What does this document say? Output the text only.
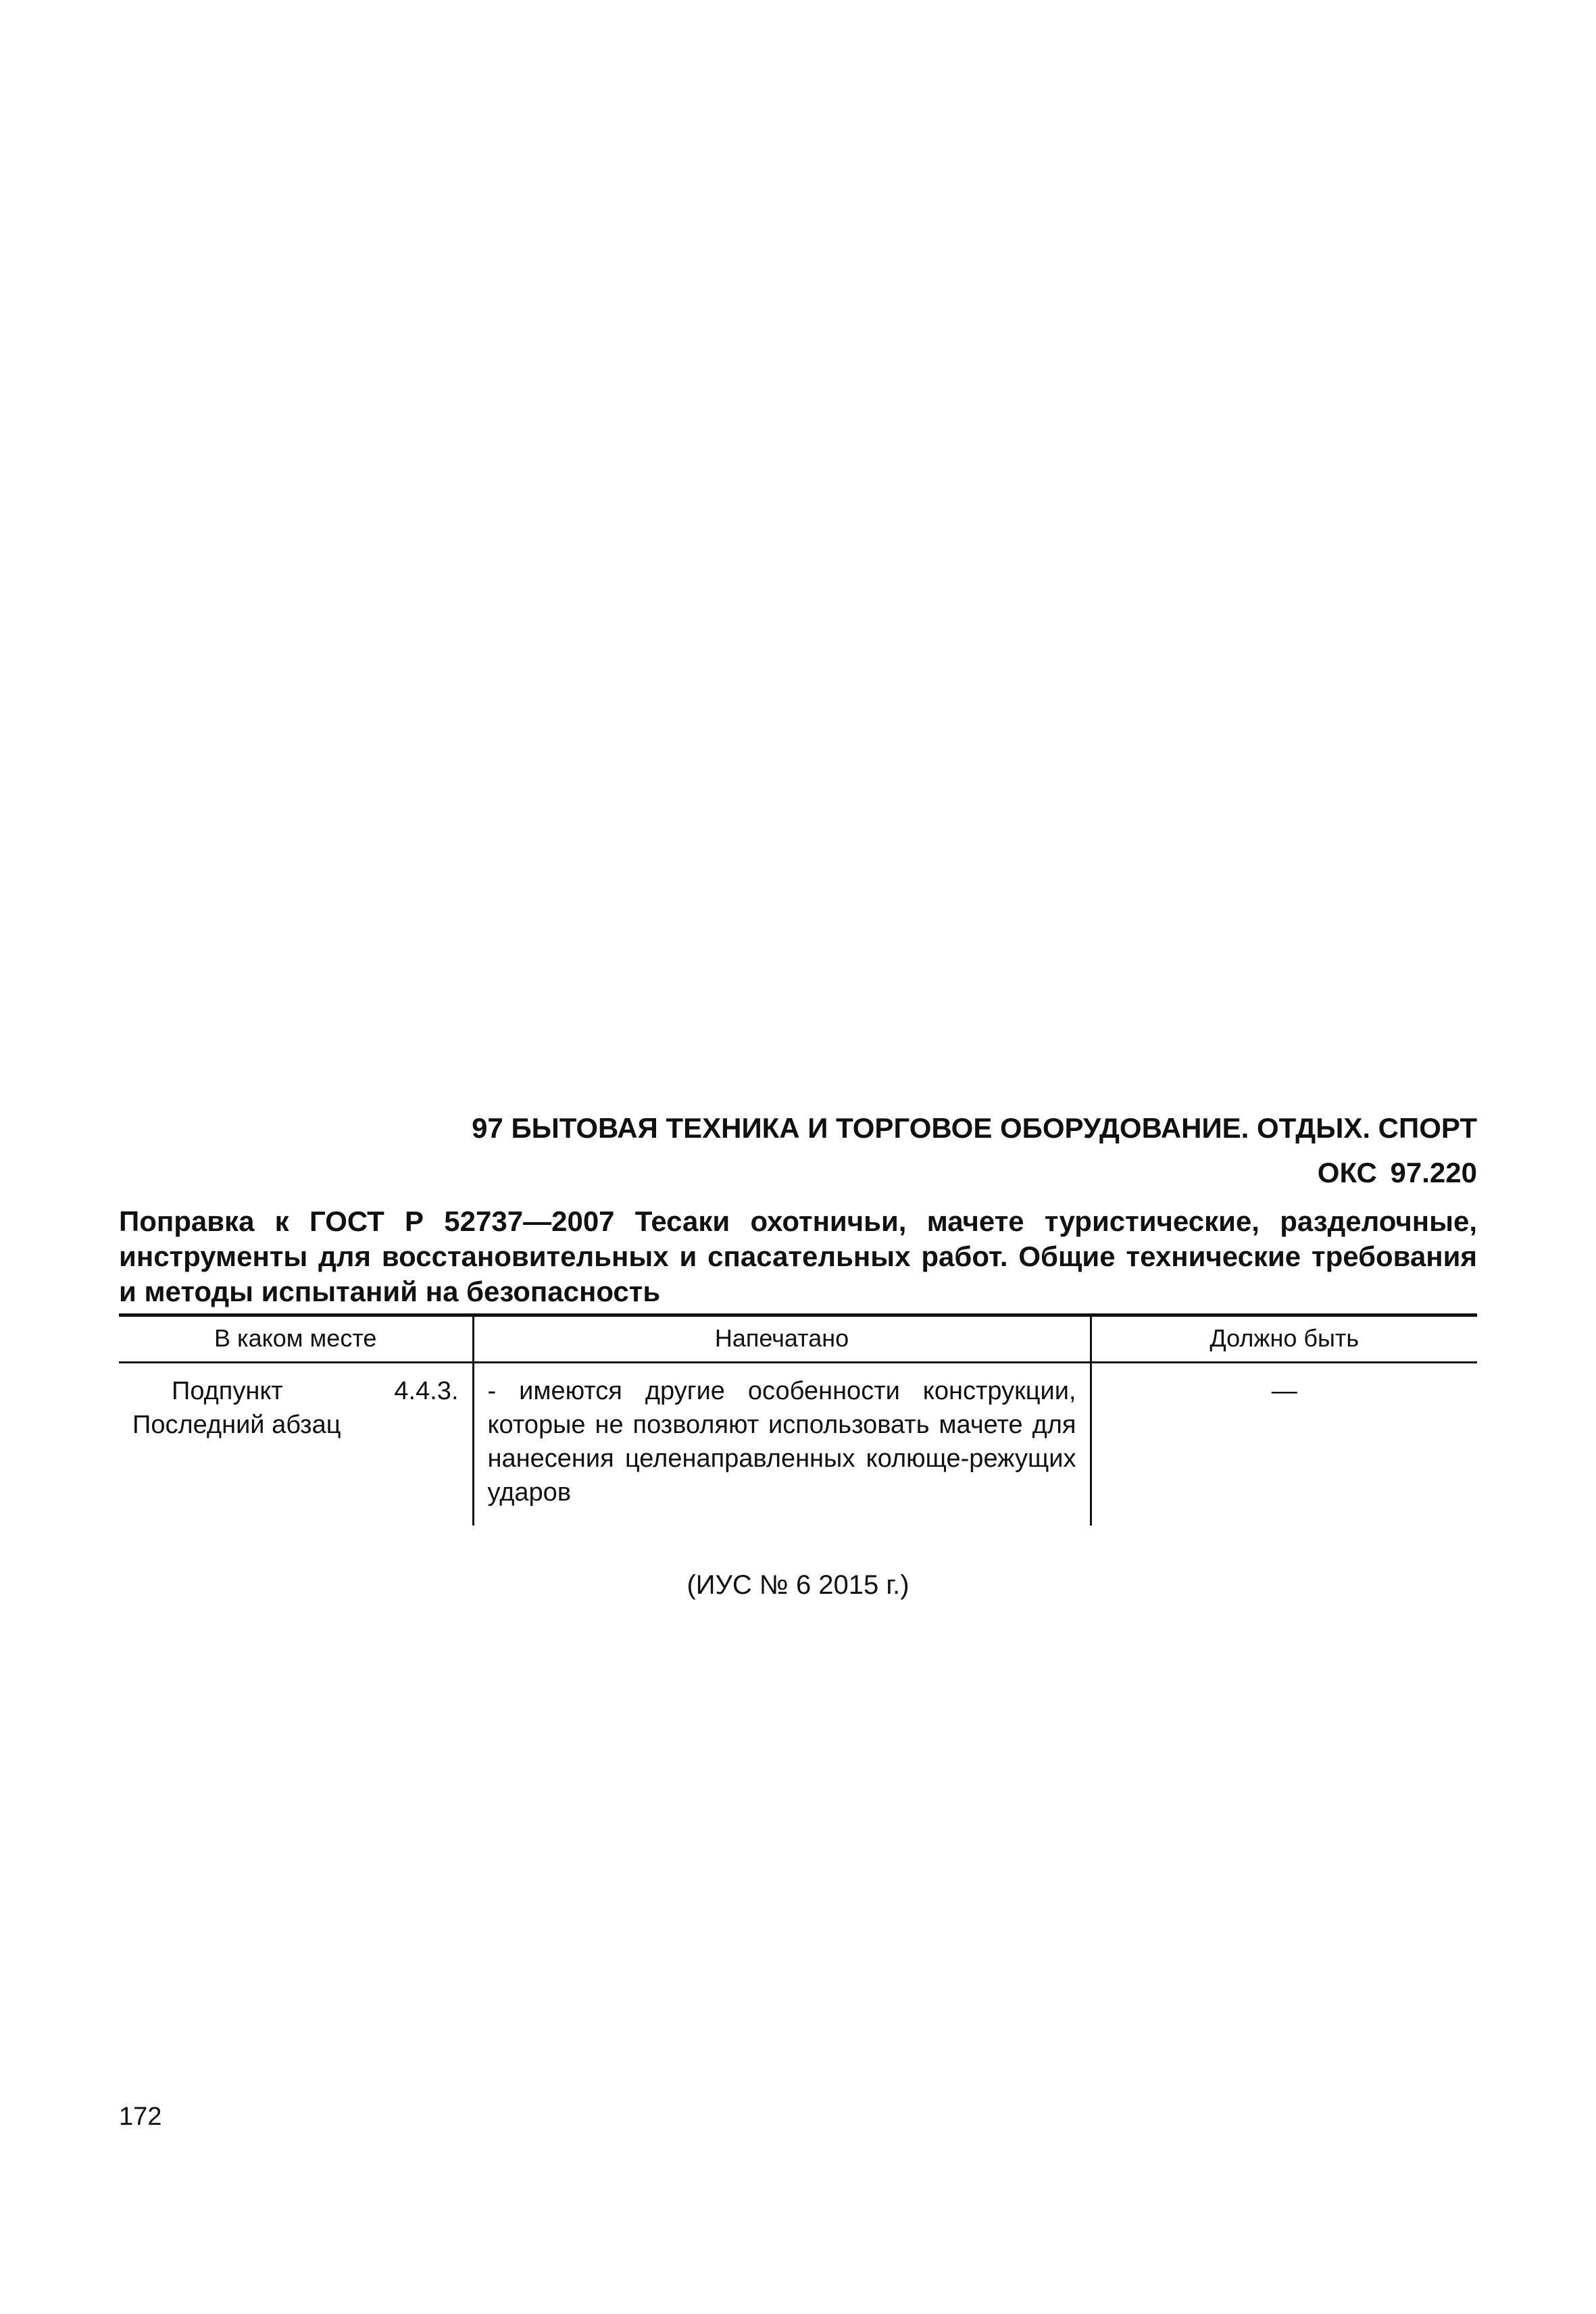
97 БЫТОВАЯ ТЕХНИКА И ТОРГОВОЕ ОБОРУДОВАНИЕ. ОТДЫХ. СПОРТ
ОКС 97.220
Поправка к ГОСТ Р 52737—2007 Тесаки охотничьи, мачете туристические, разделочные, инструменты для восстановительных и спасательных работ. Общие технические требования и методы испытаний на безопасность
В каком месте	Напечатано	Должно быть
Подпункт 4.4.3. Последний абзац	- имеются другие особенности конструкции, которые не позволяют использовать мачете для нанесения целенаправленных колюще-режущих ударов	—
(ИУС № 6 2015 г.)
172
